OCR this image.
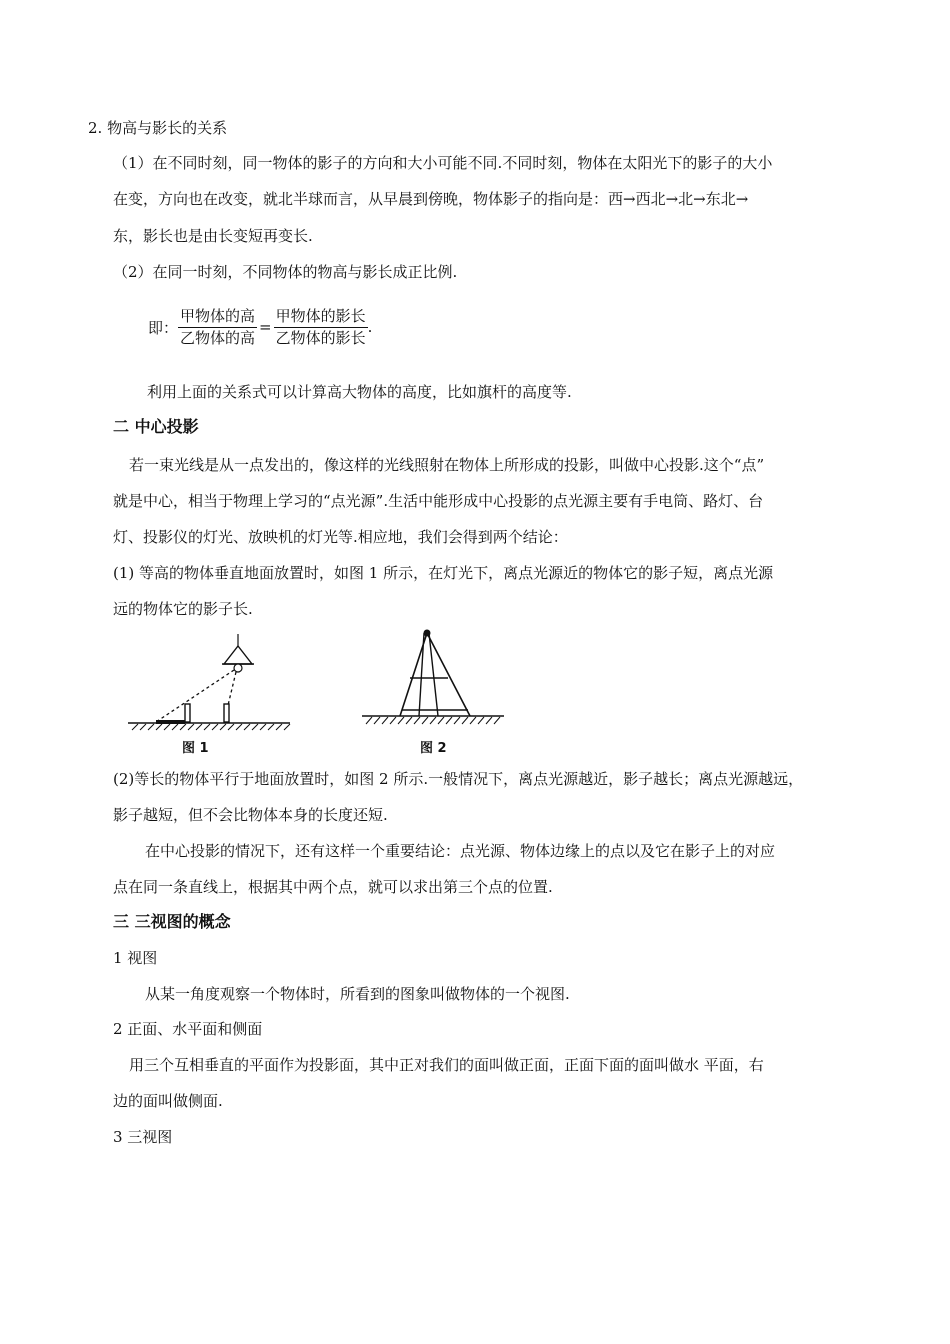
2. 物高与影长的关系
（1）在不同时刻，同一物体的影子的方向和大小可能不同.不同时刻，物体在太阳光下的影子的大小
在变，方向也在改变，就北半球而言，从早晨到傍晚，物体影子的指向是：西→西北→北→东北→
东，影长也是由长变短再变长.
（2）在同一时刻，不同物体的物高与影长成正比例.
即： $\frac{\text{甲物体的高}}{\text{乙物体的高}} = \frac{\text{甲物体的影长}}{\text{乙物体的影长}}$ .
利用上面的关系式可以计算高大物体的高度，比如旗杆的高度等.
二 中心投影
若一束光线是从一点发出的，像这样的光线照射在物体上所形成的投影，叫做中心投影.这个“点”
就是中心，相当于物理上学习的“点光源”.生活中能形成中心投影的点光源主要有手电筒、路灯、台
灯、投影仪的灯光、放映机的灯光等.相应地，我们会得到两个结论：
(1) 等高的物体垂直地面放置时，如图 1 所示，在灯光下，离点光源近的物体它的影子短，离点光源
远的物体它的影子长.
图 1	图 2
(2)等长的物体平行于地面放置时，如图 2 所示.一般情况下，离点光源越近，影子越长；离点光源越远，
影子越短，但不会比物体本身的长度还短.
在中心投影的情况下，还有这样一个重要结论：点光源、物体边缘上的点以及它在影子上的对应
点在同一条直线上，根据其中两个点，就可以求出第三个点的位置.
三 三视图的概念
1 视图
从某一角度观察一个物体时，所看到的图象叫做物体的一个视图.
2 正面、水平面和侧面
用三个互相垂直的平面作为投影面，其中正对我们的面叫做正面，正面下面的面叫做水 平面，右
边的面叫做侧面.
3 三视图
